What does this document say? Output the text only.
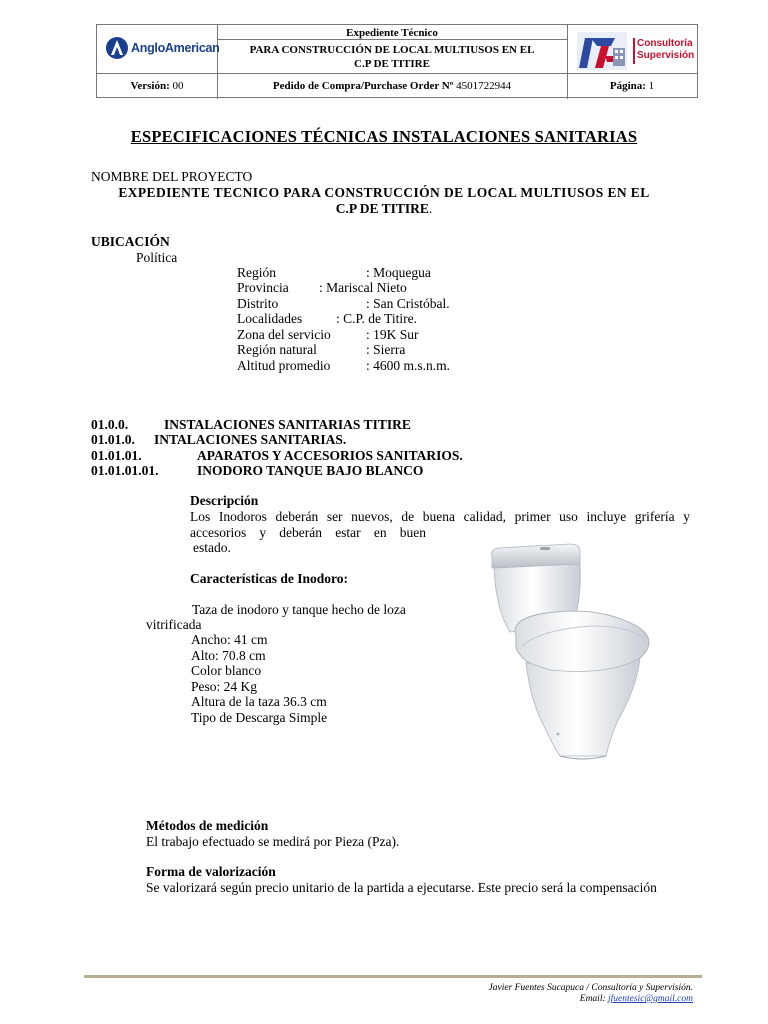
AngloAmerican
Expediente Técnico
PARA CONSTRUCCIÓN DE LOCAL MULTIUSOS EN EL
C.P DE TITIRE
Consultoría
Supervisión
Versión: 00	Pedido de Compra/Purchase Order Nº 4501722944	Página: 1
ESPECIFICACIONES TÉCNICAS INSTALACIONES SANITARIAS
NOMBRE DEL PROYECTO
EXPEDIENTE TECNICO PARA CONSTRUCCIÓN DE LOCAL MULTIUSOS EN EL
C.P DE TITIRE.
UBICACIÓN
Política
Región	: Moquegua
Provincia : Mariscal Nieto
Distrito	: San Cristóbal.
Localidades	: C.P. de Titire.
Zona del servicio	: 19K Sur
Región natural	: Sierra
Altitud promedio	: 4600 m.s.n.m.
01.0.0.	INSTALACIONES SANITARIAS TITIRE
01.01.0. INTALACIONES SANITARIAS.
01.01.01.	APARATOS Y ACCESORIOS SANITARIOS.
01.01.01.01.	INODORO TANQUE BAJO BLANCO
Descripción
Los Inodoros deberán ser nuevos, de buena calidad, primer uso incluye grifería y
accesorios y deberán estar en buen
estado.
Características de Inodoro:
Taza de inodoro y tanque hecho de loza
vitrificada
Ancho: 41 cm
Alto: 70.8 cm
Color blanco
Peso: 24 Kg
Altura de la taza 36.3 cm
Tipo de Descarga Simple
Métodos de medición
El trabajo efectuado se medirá por Pieza (Pza).
Forma de valorización
Se valorizará según precio unitario de la partida a ejecutarse. Este precio será la compensación
Javier Fuentes Sucapuca / Consultoría y Supervisión.
Email: jfuentesic@gmail.com
